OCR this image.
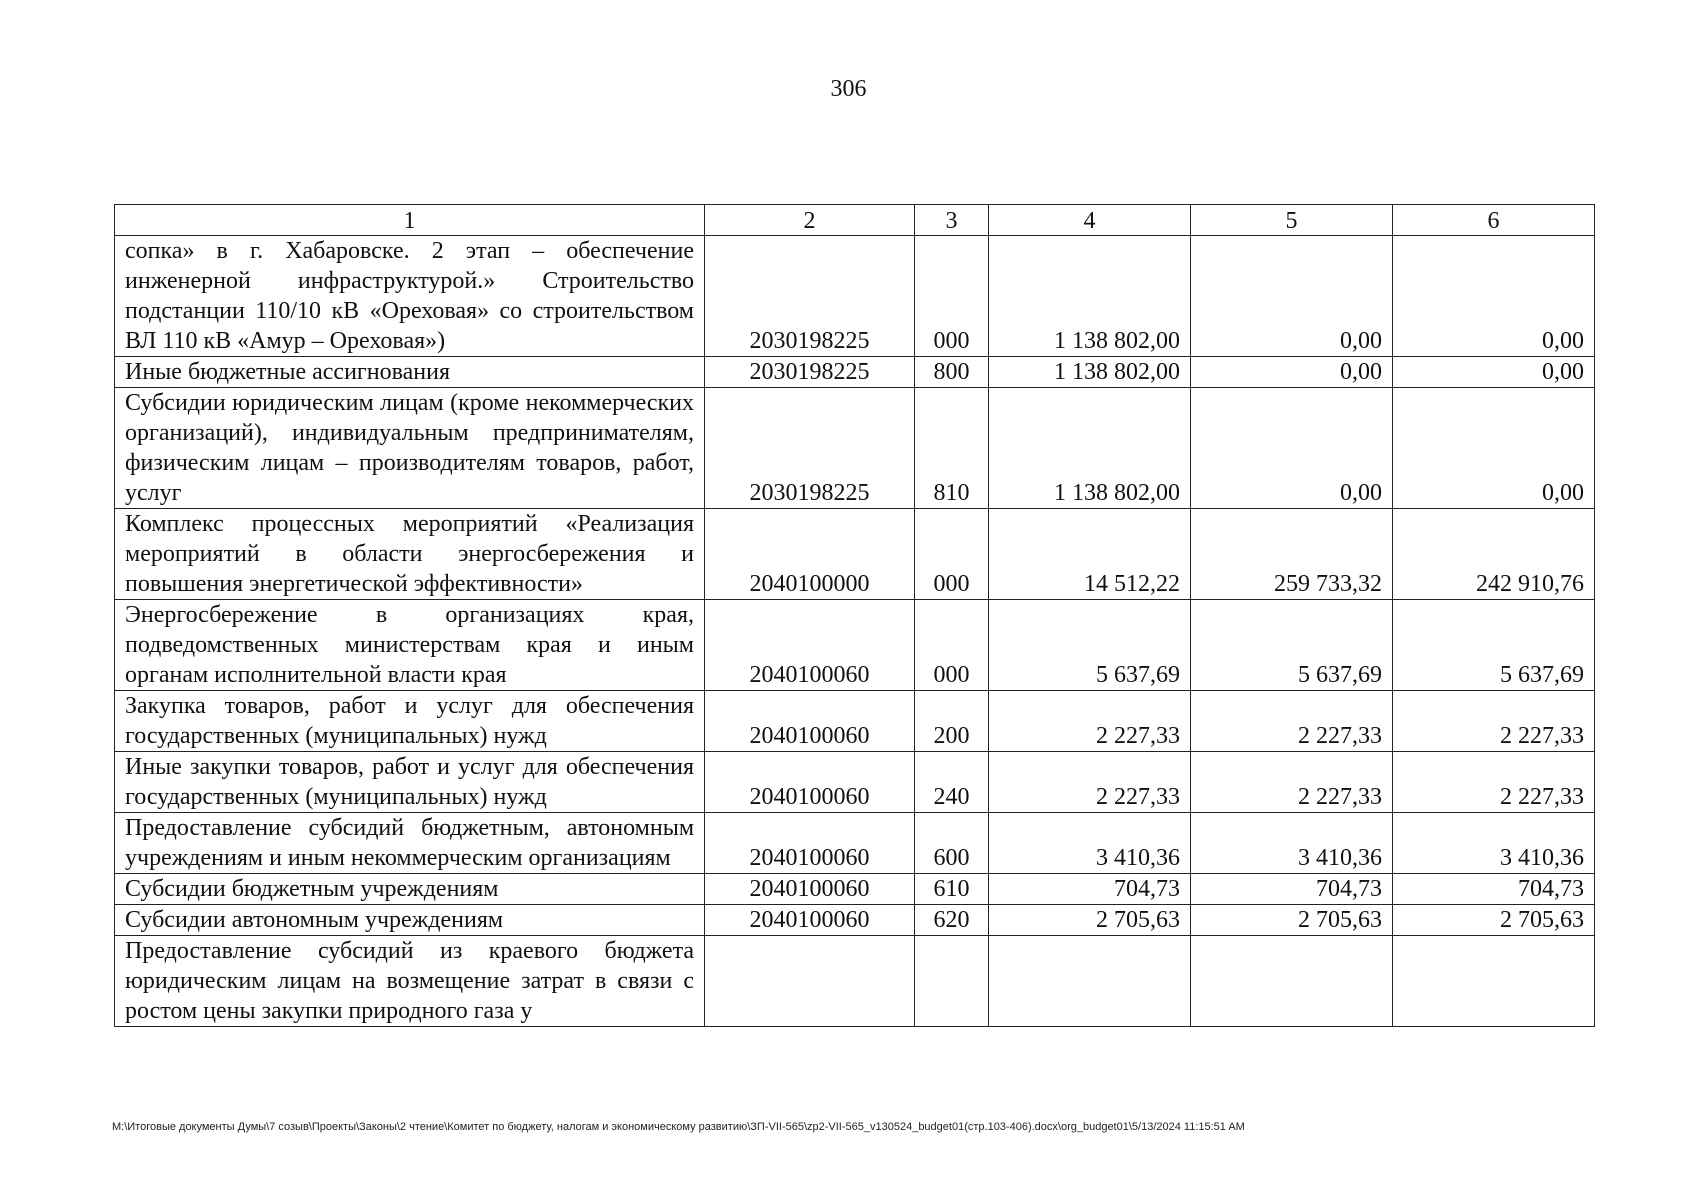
306
1	2	3	4	5	6
сопка» в г. Хабаровске. 2 этап – обеспечение инженерной инфраструктурой.» Строительство подстанции 110/10 кВ «Ореховая» со строительством ВЛ 110 кВ «Амур – Ореховая»)	2030198225	000	1 138 802,00	0,00	0,00
Иные бюджетные ассигнования	2030198225	800	1 138 802,00	0,00	0,00
Субсидии юридическим лицам (кроме некоммерческих организаций), индивидуальным предпринимателям, физическим лицам – производителям товаров, работ, услуг	2030198225	810	1 138 802,00	0,00	0,00
Комплекс процессных мероприятий «Реализация мероприятий в области энергосбережения и повышения энергетической эффективности»	2040100000	000	14 512,22	259 733,32	242 910,76
Энергосбережение в организациях края, подведомственных министерствам края и иным органам исполнительной власти края	2040100060	000	5 637,69	5 637,69	5 637,69
Закупка товаров, работ и услуг для обеспечения государственных (муниципальных) нужд	2040100060	200	2 227,33	2 227,33	2 227,33
Иные закупки товаров, работ и услуг для обеспечения государственных (муниципальных) нужд	2040100060	240	2 227,33	2 227,33	2 227,33
Предоставление субсидий бюджетным, автономным учреждениям и иным некоммерческим организациям	2040100060	600	3 410,36	3 410,36	3 410,36
Субсидии бюджетным учреждениям	2040100060	610	704,73	704,73	704,73
Субсидии автономным учреждениям	2040100060	620	2 705,63	2 705,63	2 705,63
Предоставление субсидий из краевого бюджета юридическим лицам на возмещение затрат в связи с ростом цены закупки природного газа у					
M:\Итоговые документы Думы\7 созыв\Проекты\Законы\2 чтение\Комитет по бюджету, налогам и экономическому развитию\ЗП-VII-565\zp2-VII-565_v130524_budget01(стр.103-406).docx\org_budget01\5/13/2024 11:15:51 AM
